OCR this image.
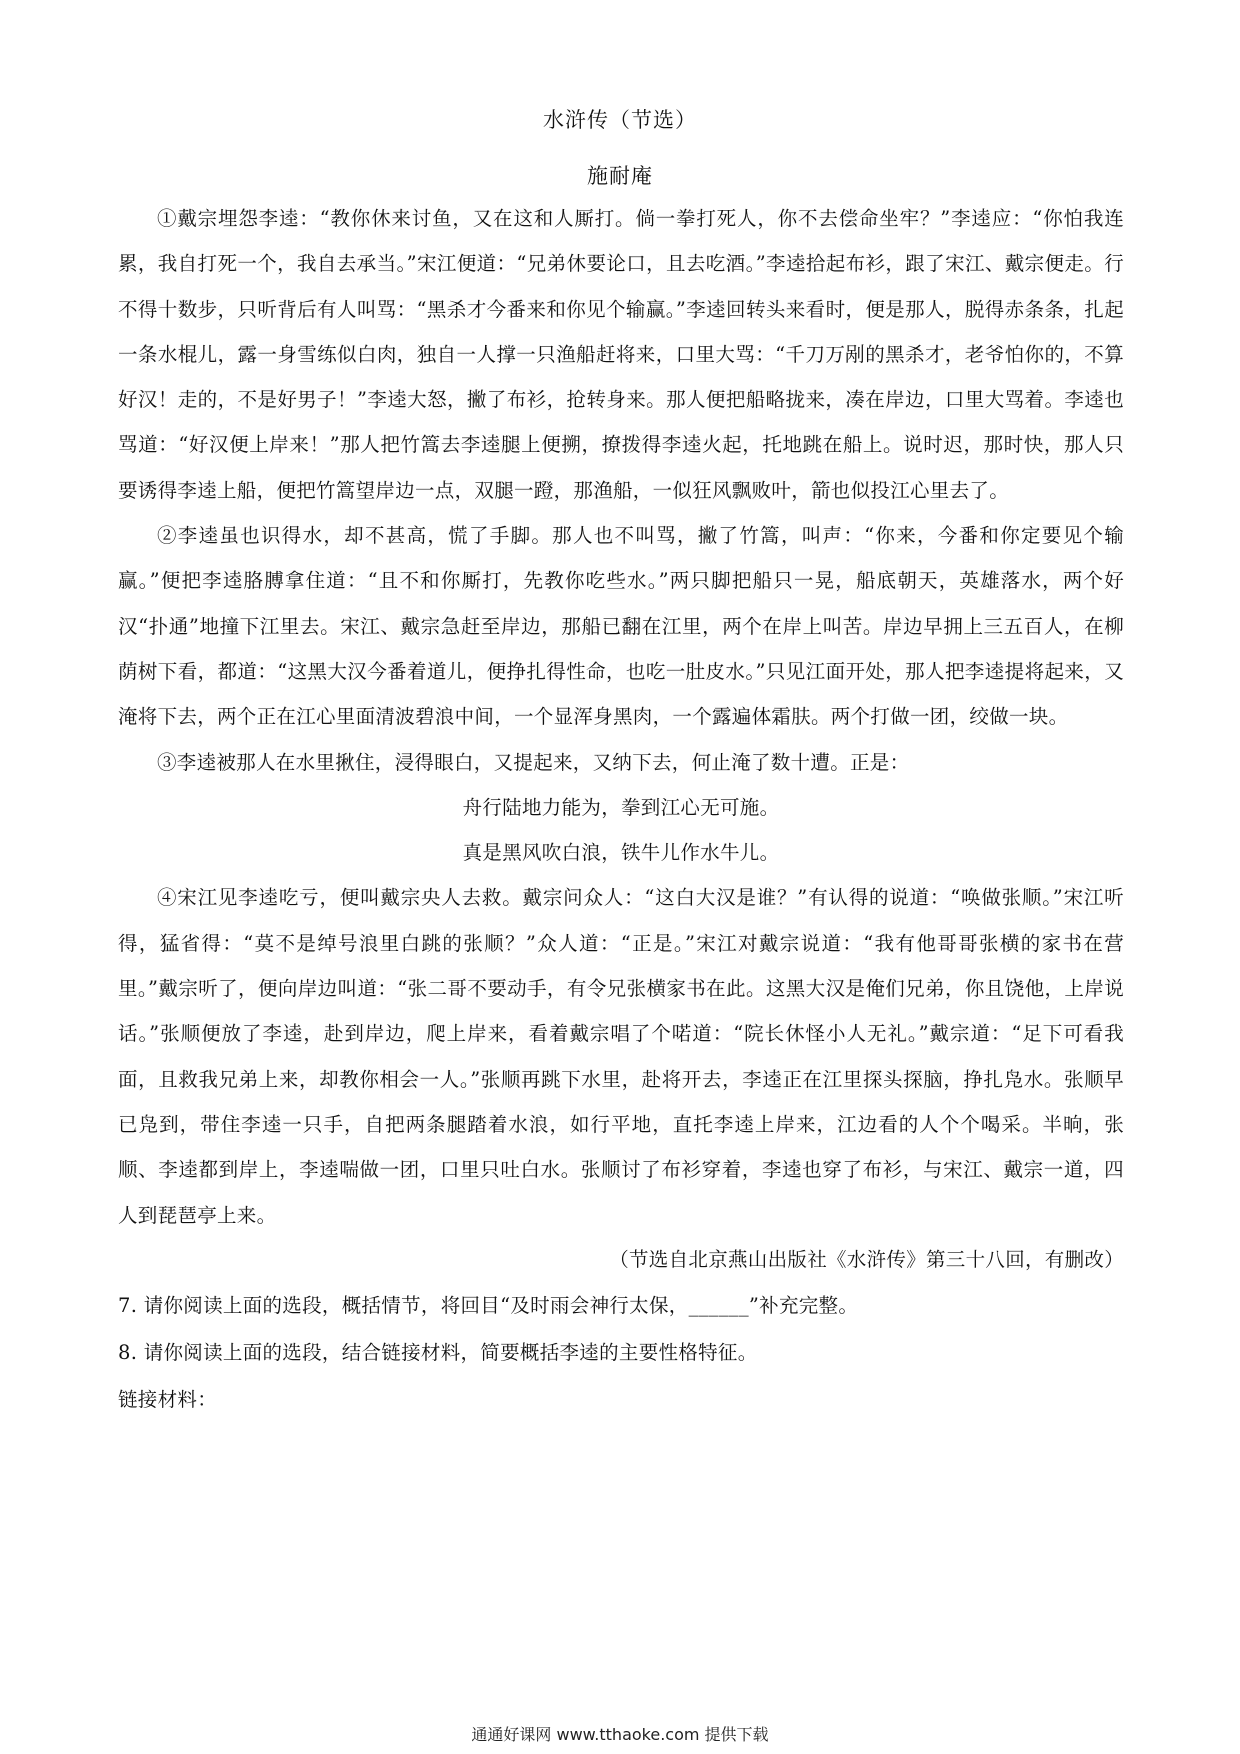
水浒传（节选）
施耐庵

①戴宗埋怨李逵：“教你休来讨鱼，又在这和人厮打。倘一拳打死人，你不去偿命坐牢？”李逵应：“你怕我连累，我自打死一个，我自去承当。”宋江便道：“兄弟休要论口，且去吃酒。”李逵拾起布衫，跟了宋江、戴宗便走。行不得十数步，只听背后有人叫骂：“黑杀才今番来和你见个输赢。”李逵回转头来看时，便是那人，脱得赤条条，扎起一条水棍儿，露一身雪练似白肉，独自一人撑一只渔船赶将来，口里大骂：“千刀万剐的黑杀才，老爷怕你的，不算好汉！走的，不是好男子！”李逵大怒，撇了布衫，抢转身来。那人便把船略拢来，凑在岸边，口里大骂着。李逵也骂道：“好汉便上岸来！”那人把竹篙去李逵腿上便搠，撩拨得李逵火起，托地跳在船上。说时迟，那时快，那人只要诱得李逵上船，便把竹篙望岸边一点，双腿一蹬，那渔船，一似狂风飘败叶，箭也似投江心里去了。

②李逵虽也识得水，却不甚高，慌了手脚。那人也不叫骂，撇了竹篙，叫声：“你来，今番和你定要见个输赢。”便把李逵胳膊拿住道：“且不和你厮打，先教你吃些水。”两只脚把船只一晃，船底朝天，英雄落水，两个好汉“扑通”地撞下江里去。宋江、戴宗急赶至岸边，那船已翻在江里，两个在岸上叫苦。岸边早拥上三五百人，在柳荫树下看，都道：“这黑大汉今番着道儿，便挣扎得性命，也吃一肚皮水。”只见江面开处，那人把李逵提将起来，又淹将下去，两个正在江心里面清波碧浪中间，一个显浑身黑肉，一个露遍体霜肤。两个打做一团，绞做一块。

③李逵被那人在水里揪住，浸得眼白，又提起来，又纳下去，何止淹了数十遭。正是：

舟行陆地力能为，拳到江心无可施。

真是黑风吹白浪，铁牛儿作水牛儿。

④宋江见李逵吃亏，便叫戴宗央人去救。戴宗问众人：“这白大汉是谁？”有认得的说道：“唤做张顺。”宋江听得，猛省得：“莫不是绰号浪里白跳的张顺？”众人道：“正是。”宋江对戴宗说道：“我有他哥哥张横的家书在营里。”戴宗听了，便向岸边叫道：“张二哥不要动手，有令兄张横家书在此。这黑大汉是俺们兄弟，你且饶他，上岸说话。”张顺便放了李逵，赴到岸边，爬上岸来，看着戴宗唱了个喏道：“院长休怪小人无礼。”戴宗道：“足下可看我面，且救我兄弟上来，却教你相会一人。”张顺再跳下水里，赴将开去，李逵正在江里探头探脑，挣扎凫水。张顺早已凫到，带住李逵一只手，自把两条腿踏着水浪，如行平地，直托李逵上岸来，江边看的人个个喝采。半晌，张顺、李逵都到岸上，李逵喘做一团，口里只吐白水。张顺讨了布衫穿着，李逵也穿了布衫，与宋江、戴宗一道，四人到琵琶亭上来。

（节选自北京燕山出版社《水浒传》第三十八回，有删改）

7. 请你阅读上面的选段，概括情节，将回目“及时雨会神行太保，______”补充完整。

8. 请你阅读上面的选段，结合链接材料，简要概括李逵的主要性格特征。

链接材料：

通通好课网 www.tthaoke.com 提供下载
